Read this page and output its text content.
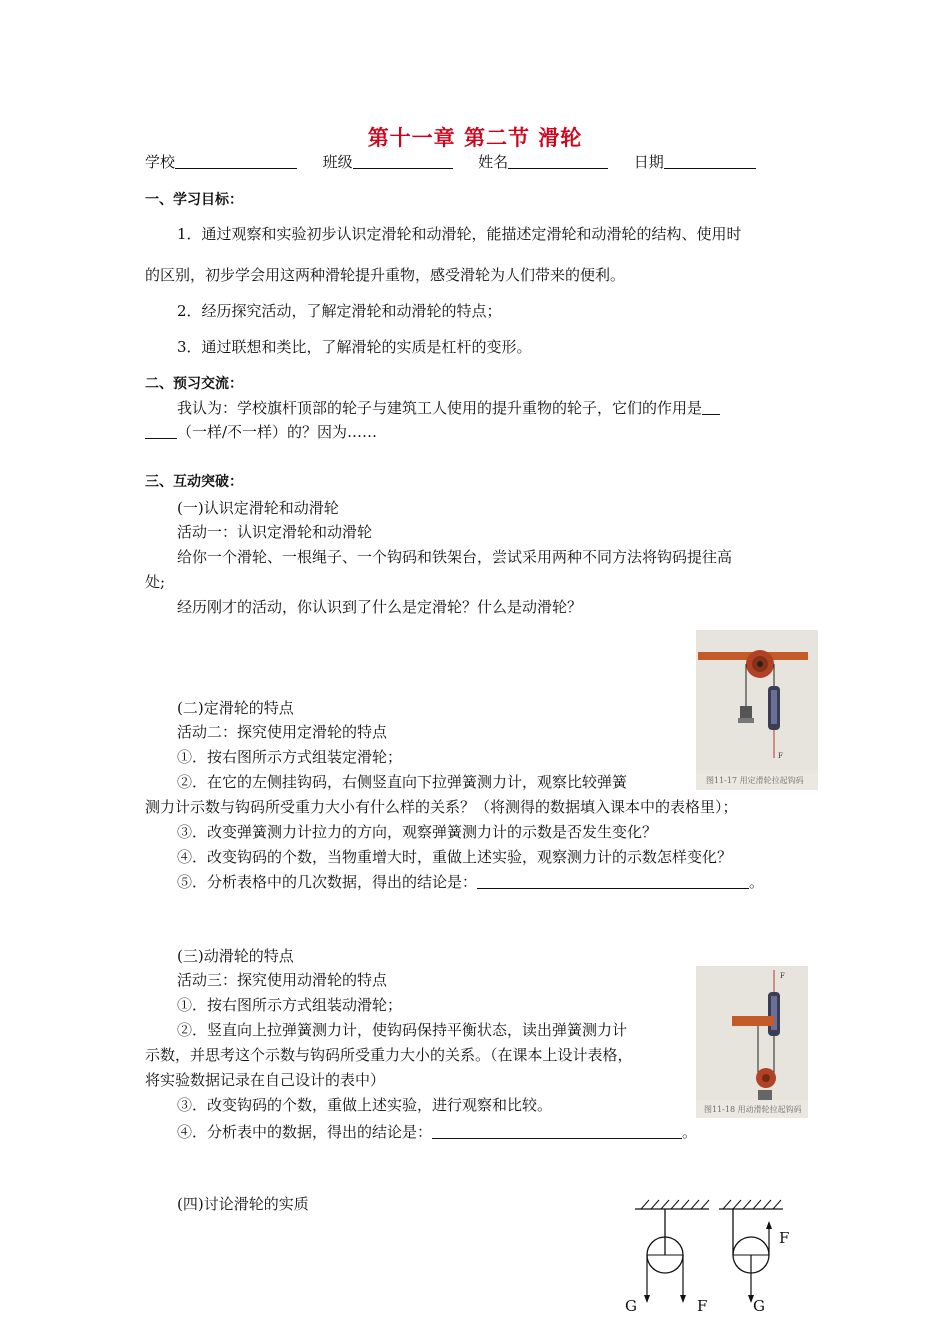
第十一章 第二节 滑轮
学校	班级	姓名	日期
一、学习目标：
1．通过观察和实验初步认识定滑轮和动滑轮，能描述定滑轮和动滑轮的结构、使用时
的区别，初步学会用这两种滑轮提升重物，感受滑轮为人们带来的便利。
2．经历探究活动，了解定滑轮和动滑轮的特点；
3．通过联想和类比，了解滑轮的实质是杠杆的变形。
二、预习交流：
我认为：学校旗杆顶部的轮子与建筑工人使用的提升重物的轮子，它们的作用是
（一样/不一样）的？因为……
三、互动突破：
(一)认识定滑轮和动滑轮
活动一：认识定滑轮和动滑轮
给你一个滑轮、一根绳子、一个钩码和铁架台，尝试采用两种不同方法将钩码提往高
处;
经历刚才的活动，你认识到了什么是定滑轮？什么是动滑轮？
F
图11-17 用定滑轮拉起钩码
(二)定滑轮的特点
活动二：探究使用定滑轮的特点
①．按右图所示方式组装定滑轮；
②．在它的左侧挂钩码，右侧竖直向下拉弹簧测力计，观察比较弹簧
测力计示数与钩码所受重力大小有什么样的关系？（将测得的数据填入课本中的表格里）；
③．改变弹簧测力计拉力的方向，观察弹簧测力计的示数是否发生变化？
④．改变钩码的个数，当物重增大时，重做上述实验，观察测力计的示数怎样变化？
⑤．分析表格中的几次数据，得出的结论是：	。
F
图11-18 用动滑轮拉起钩码
(三)动滑轮的特点
活动三：探究使用动滑轮的特点
①．按右图所示方式组装动滑轮；
②．竖直向上拉弹簧测力计，使钩码保持平衡状态，读出弹簧测力计
示数，并思考这个示数与钩码所受重力大小的关系。（在课本上设计表格，
将实验数据记录在自己设计的表中）
③．改变钩码的个数，重做上述实验，进行观察和比较。
④．分析表中的数据，得出的结论是：	。
(四)讨论滑轮的实质
G	F
F
G
